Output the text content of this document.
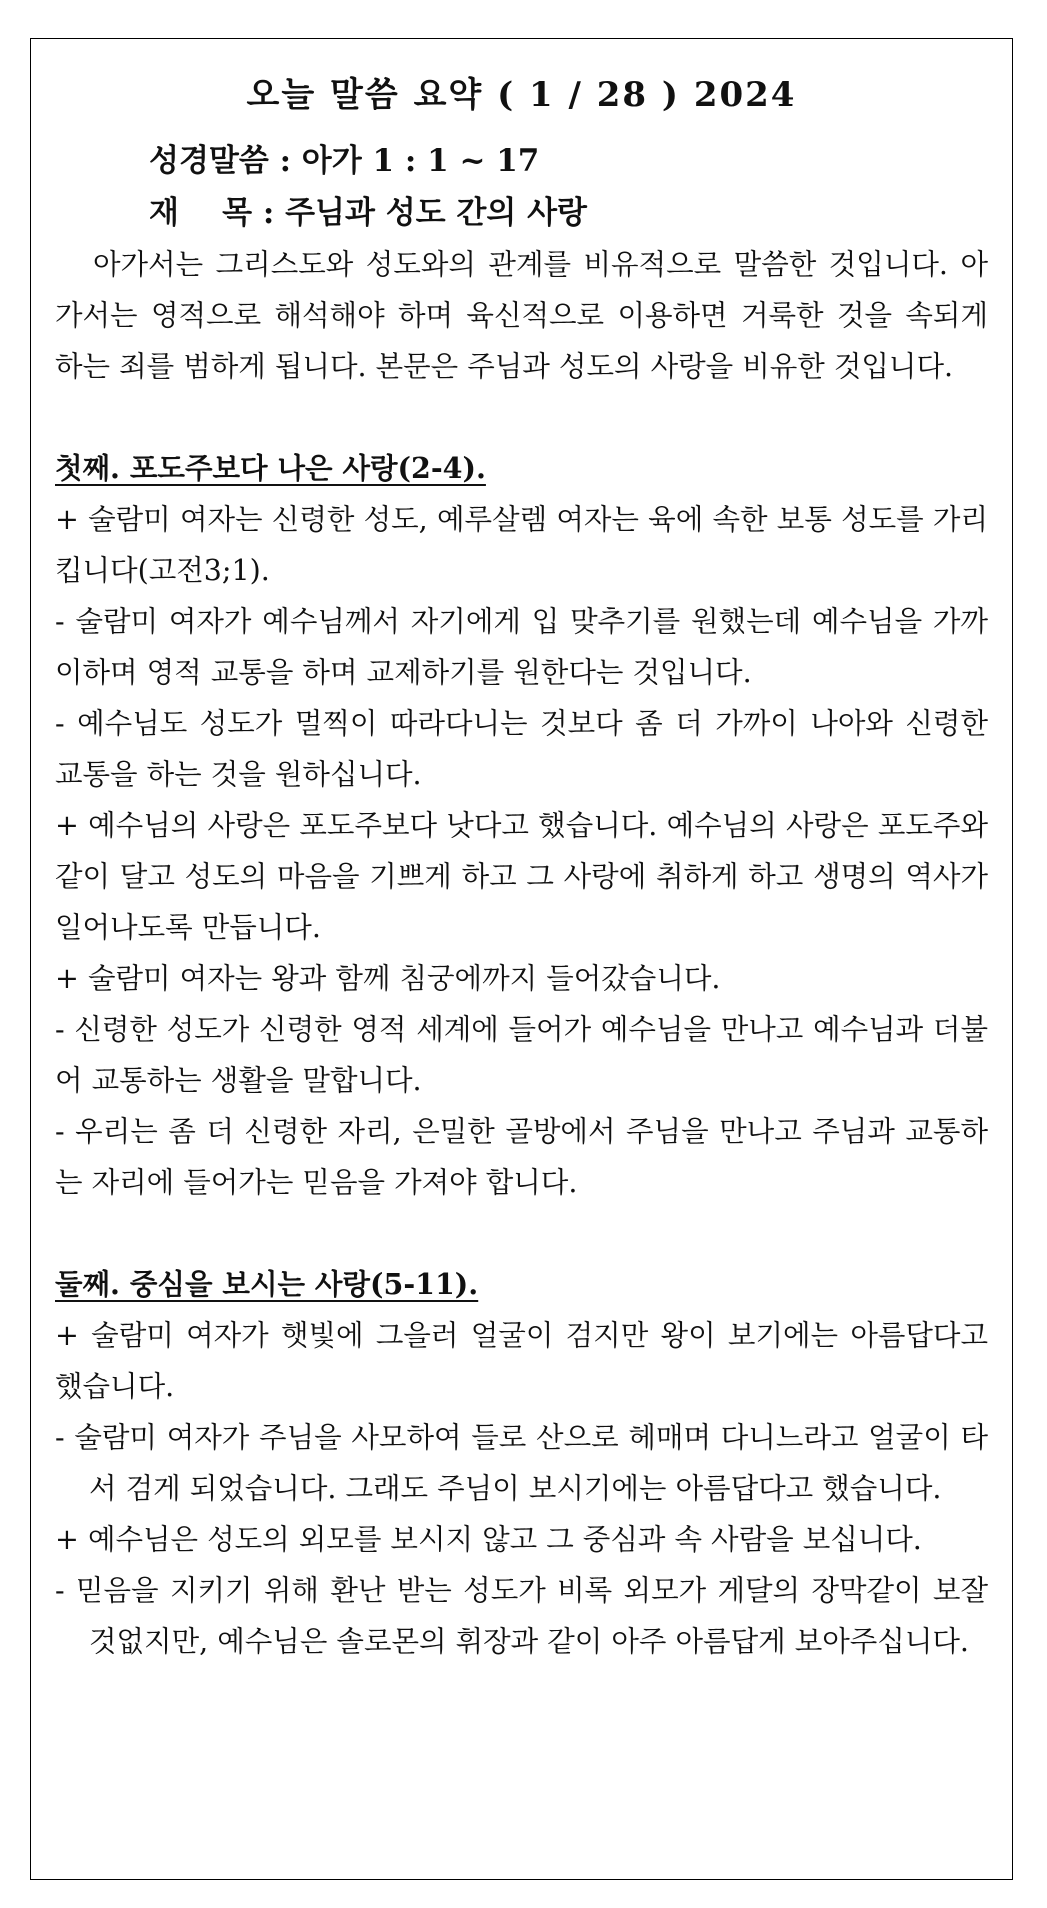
오늘 말씀 요약 ( 1 / 28 ) 2024
성경말씀 : 아가 1 : 1 ~ 17
재    목 : 주님과 성도 간의 사랑

아가서는 그리스도와 성도와의 관계를 비유적으로 말씀한 것입니다. 아가서는 영적으로 해석해야 하며 육신적으로 이용하면 거룩한 것을 속되게 하는 죄를 범하게 됩니다. 본문은 주님과 성도의 사랑을 비유한 것입니다.

첫째. 포도주보다 나은 사랑(2-4).

+ 술람미 여자는 신령한 성도, 예루살렘 여자는 육에 속한 보통 성도를 가리킵니다(고전3;1).

- 술람미 여자가 예수님께서 자기에게 입 맞추기를 원했는데 예수님을 가까이하며 영적 교통을 하며 교제하기를 원한다는 것입니다.

- 예수님도 성도가 멀찍이 따라다니는 것보다 좀 더 가까이 나아와 신령한 교통을 하는 것을 원하십니다.

+ 예수님의 사랑은 포도주보다 낫다고 했습니다. 예수님의 사랑은 포도주와 같이 달고 성도의 마음을 기쁘게 하고 그 사랑에 취하게 하고 생명의 역사가 일어나도록 만듭니다.

+ 술람미 여자는 왕과 함께 침궁에까지 들어갔습니다.

- 신령한 성도가 신령한 영적 세계에 들어가 예수님을 만나고 예수님과 더불어 교통하는 생활을 말합니다.

- 우리는 좀 더 신령한 자리, 은밀한 골방에서 주님을 만나고 주님과 교통하는 자리에 들어가는 믿음을 가져야 합니다.

둘째. 중심을 보시는 사랑(5-11).

+ 술람미 여자가 햇빛에 그을러 얼굴이 검지만 왕이 보기에는 아름답다고 했습니다.

- 술람미 여자가 주님을 사모하여 들로 산으로 헤매며 다니느라고 얼굴이 타서 검게 되었습니다. 그래도 주님이 보시기에는 아름답다고 했습니다.

+ 예수님은 성도의 외모를 보시지 않고 그 중심과 속 사람을 보십니다.

- 믿음을 지키기 위해 환난 받는 성도가 비록 외모가 게달의 장막같이 보잘것없지만, 예수님은 솔로몬의 휘장과 같이 아주 아름답게 보아주십니다.
